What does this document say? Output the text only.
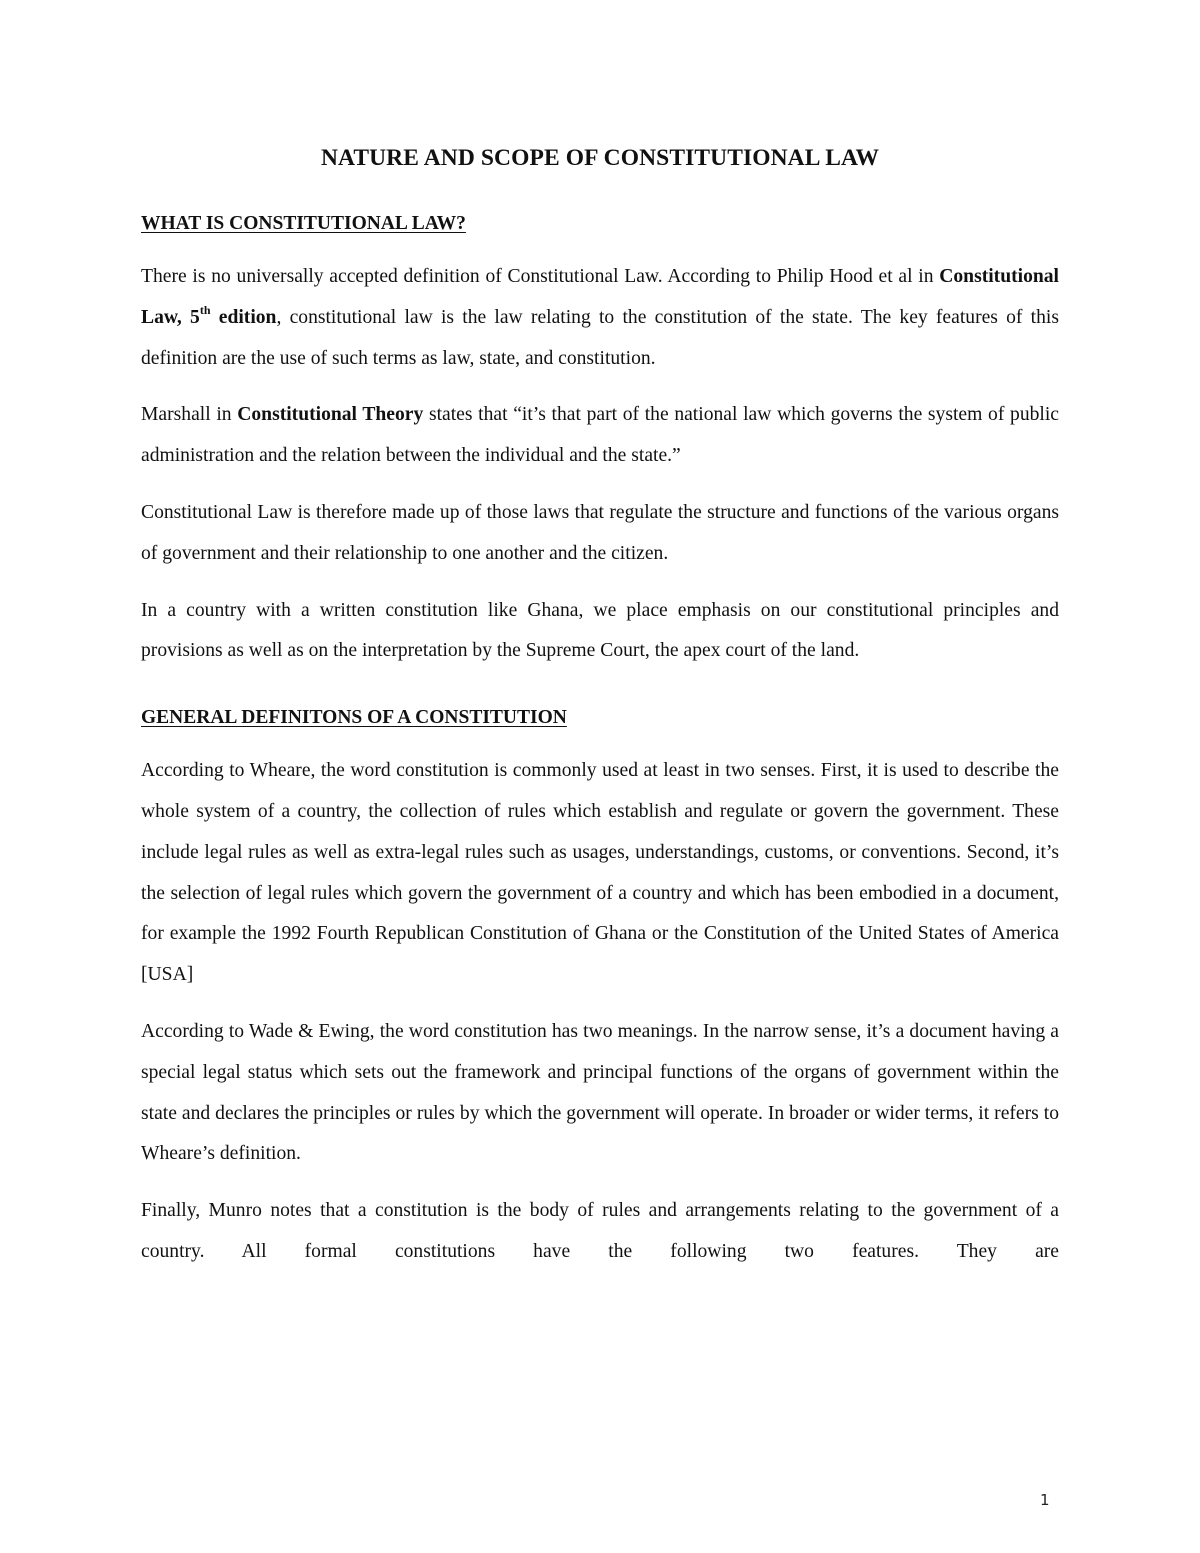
NATURE AND SCOPE OF CONSTITUTIONAL LAW
WHAT IS CONSTITUTIONAL LAW?

There is no universally accepted definition of Constitutional Law. According to Philip Hood et al in Constitutional Law, 5th edition, constitutional law is the law relating to the constitution of the state. The key features of this definition are the use of such terms as law, state, and constitution.

Marshall in Constitutional Theory states that “it’s that part of the national law which governs the system of public administration and the relation between the individual and the state.”

Constitutional Law is therefore made up of those laws that regulate the structure and functions of the various organs of government and their relationship to one another and the citizen.

In a country with a written constitution like Ghana, we place emphasis on our constitutional principles and provisions as well as on the interpretation by the Supreme Court, the apex court of the land.

GENERAL DEFINITONS OF A CONSTITUTION

According to Wheare, the word constitution is commonly used at least in two senses. First, it is used to describe the whole system of a country, the collection of rules which establish and regulate or govern the government. These include legal rules as well as extra-legal rules such as usages, understandings, customs, or conventions. Second, it’s the selection of legal rules which govern the government of a country and which has been embodied in a document, for example the 1992 Fourth Republican Constitution of Ghana or the Constitution of the United States of America [USA]

According to Wade & Ewing, the word constitution has two meanings. In the narrow sense, it’s a document having a special legal status which sets out the framework and principal functions of the organs of government within the state and declares the principles or rules by which the government will operate. In broader or wider terms, it refers to Wheare’s definition.

Finally, Munro notes that a constitution is the body of rules and arrangements relating to the government of a country. All formal constitutions have the following two features. They are

1
